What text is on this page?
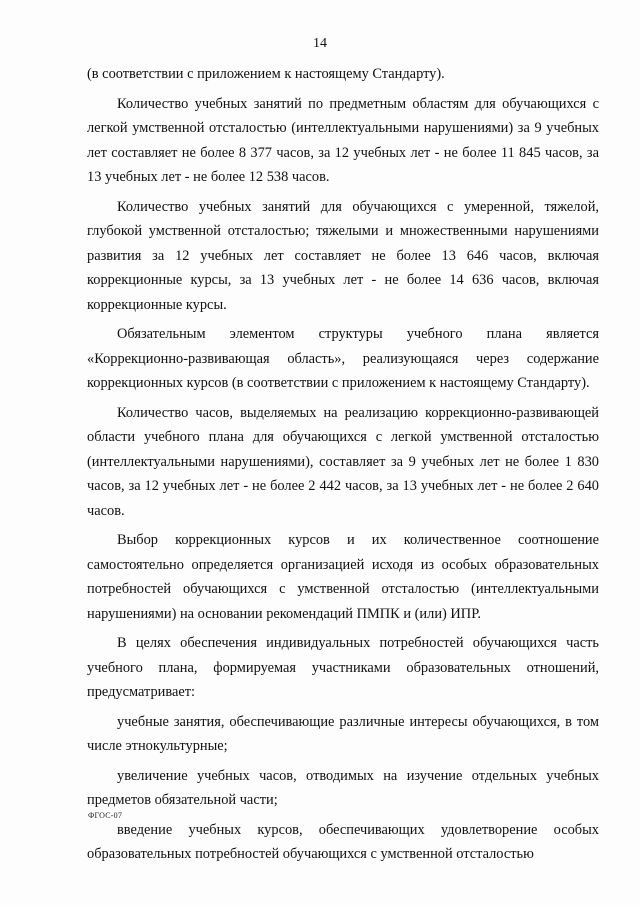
14

(в соответствии с приложением к настоящему Стандарту).

Количество учебных занятий по предметным областям для обучающихся с легкой умственной отсталостью (интеллектуальными нарушениями) за 9 учебных лет составляет не более 8 377 часов, за 12 учебных лет - не более 11 845 часов, за 13 учебных лет - не более 12 538 часов.

Количество учебных занятий для обучающихся с умеренной, тяжелой, глубокой умственной отсталостью; тяжелыми и множественными нарушениями развития за 12 учебных лет составляет не более 13 646 часов, включая коррекционные курсы, за 13 учебных лет - не более 14 636 часов, включая коррекционные курсы.

Обязательным элементом структуры учебного плана является «Коррекционно-развивающая область», реализующаяся через содержание коррекционных курсов (в соответствии с приложением к настоящему Стандарту).

Количество часов, выделяемых на реализацию коррекционно-развивающей области учебного плана для обучающихся с легкой умственной отсталостью (интеллектуальными нарушениями), составляет за 9 учебных лет не более 1 830 часов, за 12 учебных лет - не более 2 442 часов, за 13 учебных лет - не более 2 640 часов.

Выбор коррекционных курсов и их количественное соотношение самостоятельно определяется организацией исходя из особых образовательных потребностей обучающихся с умственной отсталостью (интеллектуальными нарушениями) на основании рекомендаций ПМПК и (или) ИПР.

В целях обеспечения индивидуальных потребностей обучающихся часть учебного плана, формируемая участниками образовательных отношений, предусматривает:

учебные занятия, обеспечивающие различные интересы обучающихся, в том числе этнокультурные;

увеличение учебных часов, отводимых на изучение отдельных учебных предметов обязательной части;

введение учебных курсов, обеспечивающих удовлетворение особых образовательных потребностей обучающихся с умственной отсталостью

ФГОС-07
